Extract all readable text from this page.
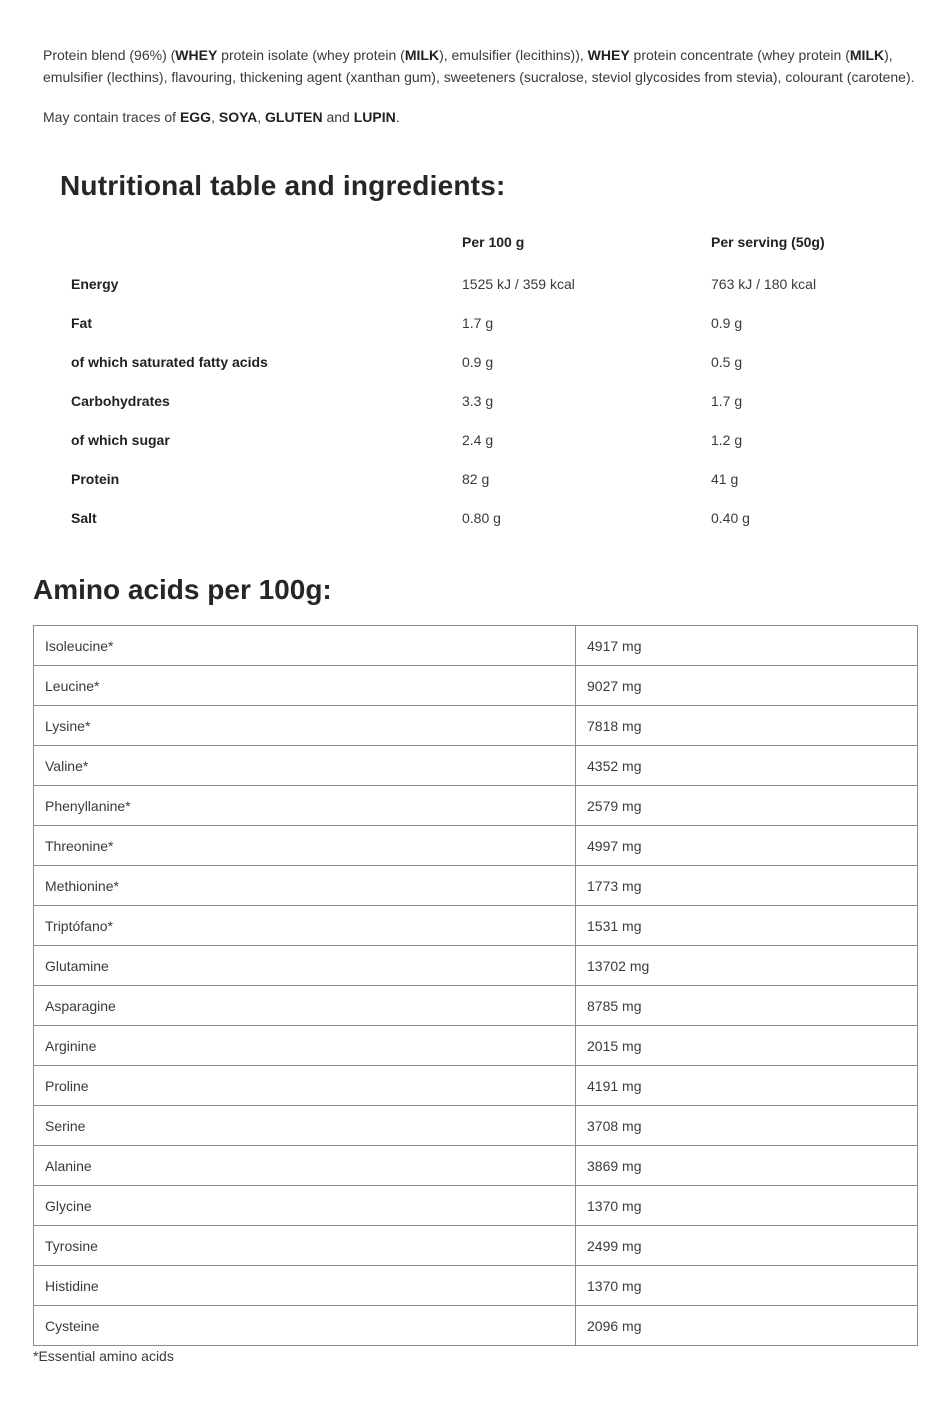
Protein blend (96%) (WHEY protein isolate (whey protein (MILK), emulsifier (lecithins)), WHEY protein concentrate (whey protein (MILK), emulsifier (lecthins), flavouring, thickening agent (xanthan gum), sweeteners (sucralose, steviol glycosides from stevia), colourant (carotene).
May contain traces of EGG, SOYA, GLUTEN and LUPIN.
Nutritional table and ingredients:
	Per 100 g	Per serving (50g)
Energy	1525 kJ / 359 kcal	763 kJ / 180 kcal
Fat	1.7 g	0.9 g
of which saturated fatty acids	0.9 g	0.5 g
Carbohydrates	3.3 g	1.7 g
of which sugar	2.4 g	1.2 g
Protein	82 g	41 g
Salt	0.80 g	0.40 g
Amino acids per 100g:
Isoleucine*	4917 mg
Leucine*	9027 mg
Lysine*	7818 mg
Valine*	4352 mg
Phenyllanine*	2579 mg
Threonine*	4997 mg
Methionine*	1773 mg
Triptófano*	1531 mg
Glutamine	13702 mg
Asparagine	8785 mg
Arginine	2015 mg
Proline	4191 mg
Serine	3708 mg
Alanine	3869 mg
Glycine	1370 mg
Tyrosine	2499 mg
Histidine	1370 mg
Cysteine	2096 mg
*Essential amino acids
